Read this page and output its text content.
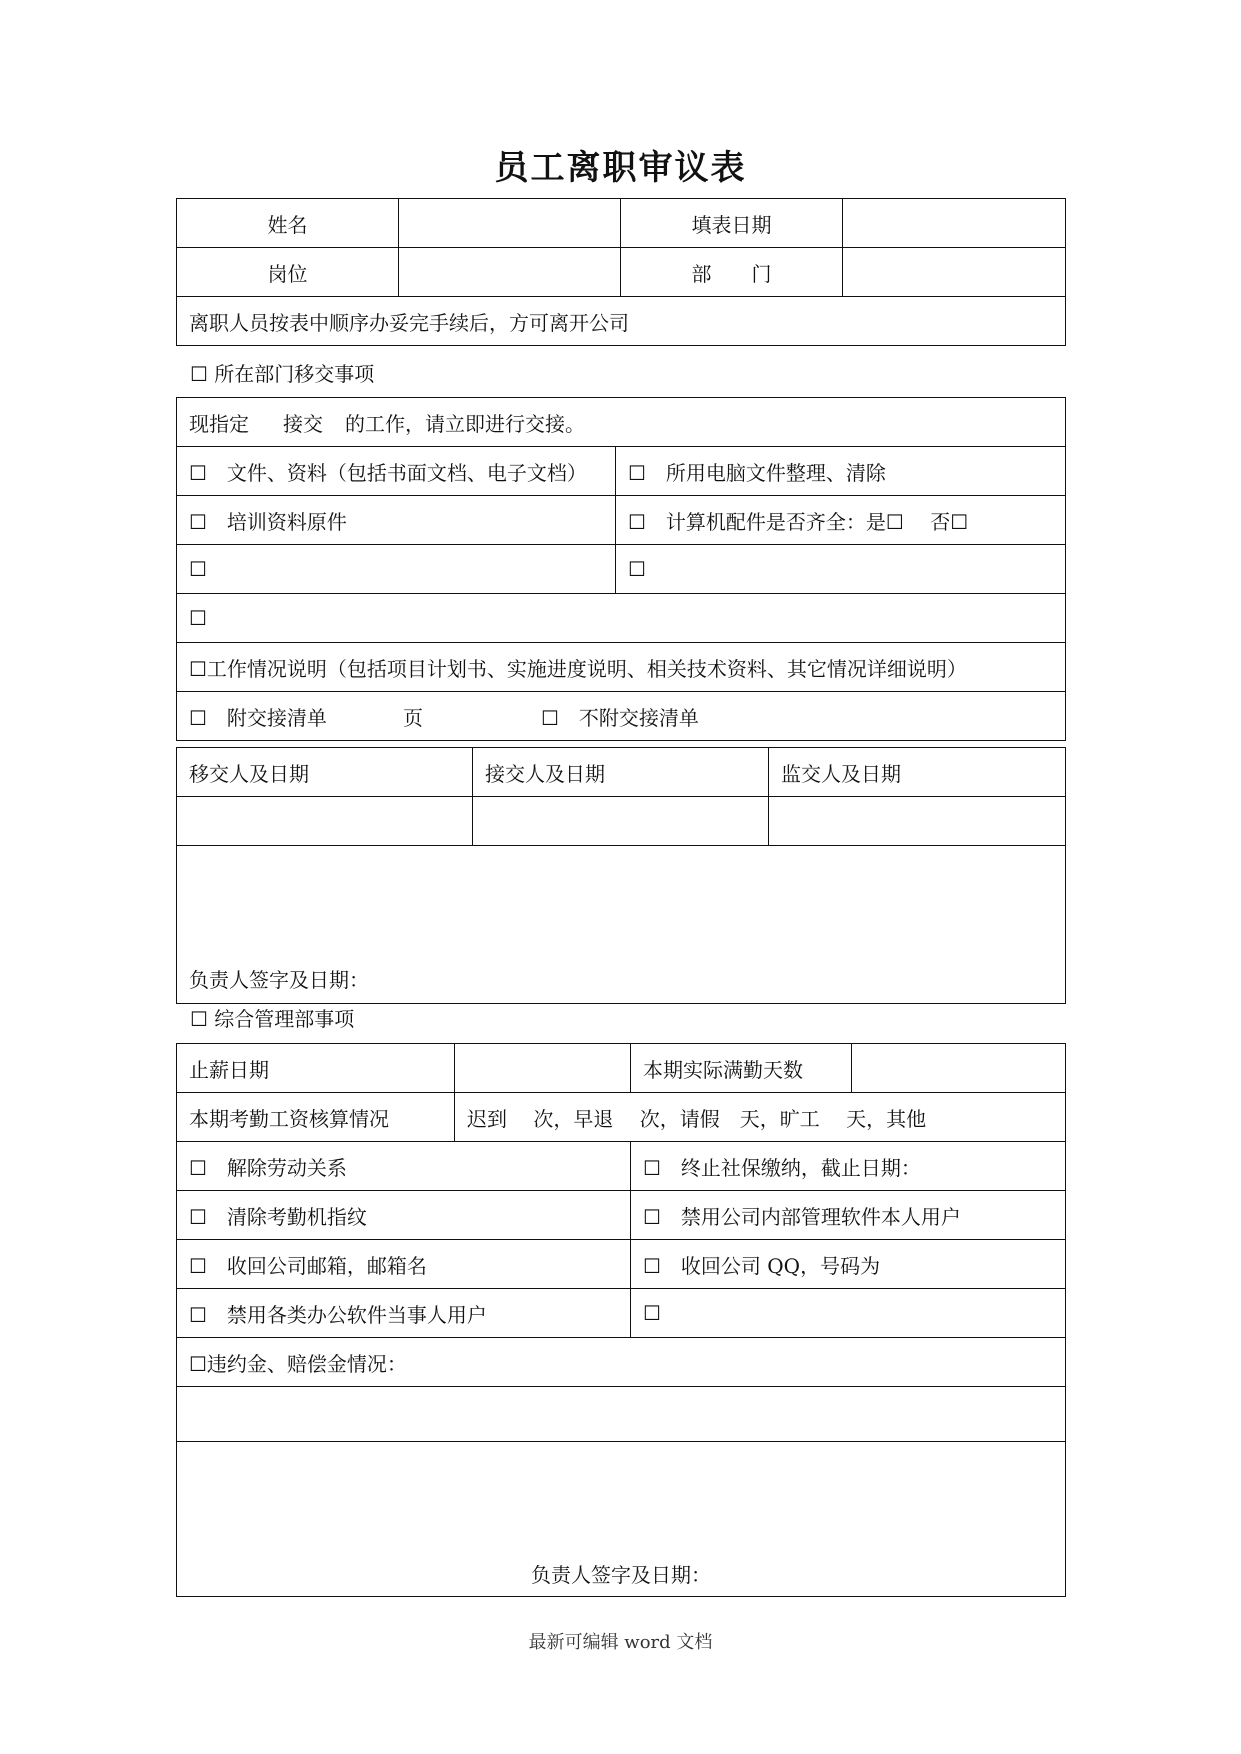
员工离职审议表
姓名		填表日期	
岗位		部　　门	
离职人员按表中顺序办妥完手续后，方可离开公司			
☐ 所在部门移交事项
现指定 接交 的工作，请立即进行交接。	
☐　文件、资料（包括书面文档、电子文档）	☐　所用电脑文件整理、清除
☐　培训资料原件	☐　计算机配件是否齐全：是☐　 否☐
☐	☐
☐	
☐工作情况说明（包括项目计划书、实施进度说明、相关技术资料、其它情况详细说明）	
☐　附交接清单 页 ☐　不附交接清单	
移交人及日期	接交人及日期	监交人及日期

负责人签字及日期：		
☐ 综合管理部事项
止薪日期		本期实际满勤天数	
本期考勤工资核算情况	迟到　 次，早退　 次，请假　天，旷工　 天，其他		
☐　解除劳动关系		☐　终止社保缴纳，截止日期：	
☐　清除考勤机指纹		☐　禁用公司内部管理软件本人用户	
☐　收回公司邮箱，邮箱名		☐　收回公司 QQ，号码为	
☐　禁用各类办公软件当事人用户		☐	
☐违约金、赔偿金情况：			

负责人签字及日期：			
最新可编辑 word 文档
